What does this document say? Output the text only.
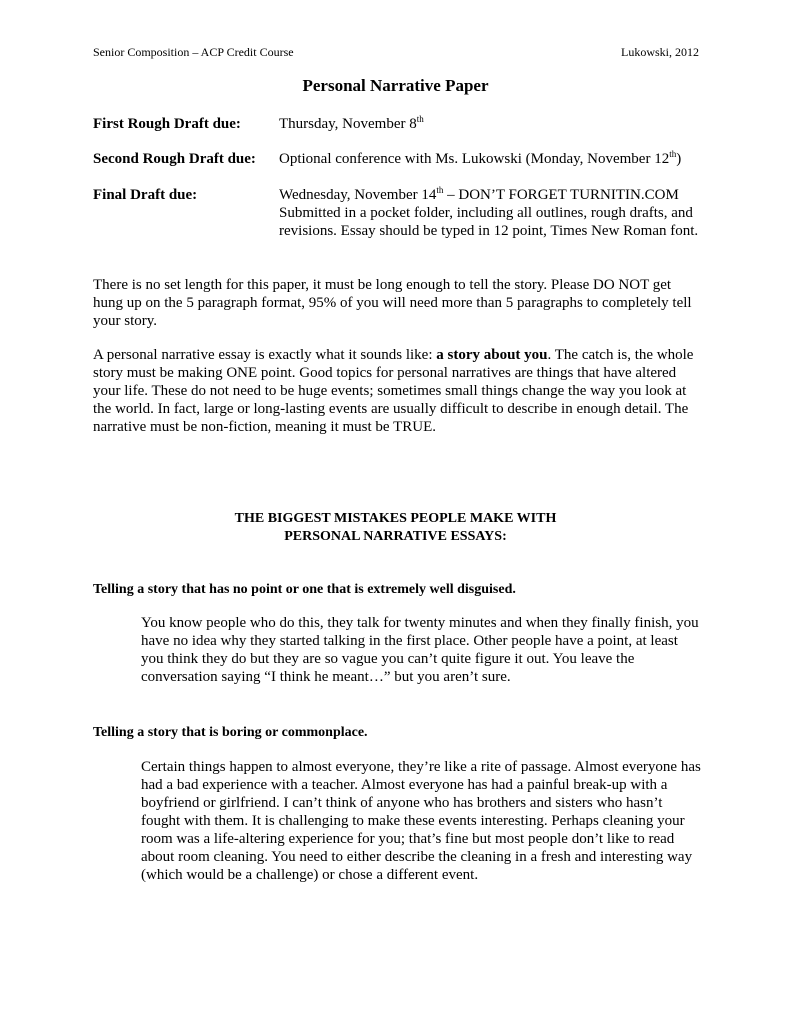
Senior Composition – ACP Credit Course	Lukowski, 2012
Personal Narrative Paper
First Rough Draft due:	Thursday, November 8th
Second Rough Draft due: Optional conference with Ms. Lukowski (Monday, November 12th)
Final Draft due:	Wednesday, November 14th – DON’T FORGET TURNITIN.COM
Submitted in a pocket folder, including all outlines, rough drafts, and revisions. Essay should be typed in 12 point, Times New Roman font.

There is no set length for this paper, it must be long enough to tell the story. Please DO NOT get hung up on the 5 paragraph format, 95% of you will need more than 5 paragraphs to completely tell your story.

A personal narrative essay is exactly what it sounds like: a story about you. The catch is, the whole story must be making ONE point. Good topics for personal narratives are things that have altered your life. These do not need to be huge events; sometimes small things change the way you look at the world. In fact, large or long-lasting events are usually difficult to describe in enough detail. The narrative must be non-fiction, meaning it must be TRUE.

THE BIGGEST MISTAKES PEOPLE MAKE WITH
PERSONAL NARRATIVE ESSAYS:
Telling a story that has no point or one that is extremely well disguised.

You know people who do this, they talk for twenty minutes and when they finally finish, you have no idea why they started talking in the first place. Other people have a point, at least you think they do but they are so vague you can’t quite figure it out. You leave the conversation saying “I think he meant…” but you aren’t sure.

Telling a story that is boring or commonplace.

Certain things happen to almost everyone, they’re like a rite of passage. Almost everyone has had a bad experience with a teacher. Almost everyone has had a painful break-up with a boyfriend or girlfriend. I can’t think of anyone who has brothers and sisters who hasn’t fought with them. It is challenging to make these events interesting. Perhaps cleaning your room was a life-altering experience for you; that’s fine but most people don’t like to read about room cleaning. You need to either describe the cleaning in a fresh and interesting way (which would be a challenge) or chose a different event.
